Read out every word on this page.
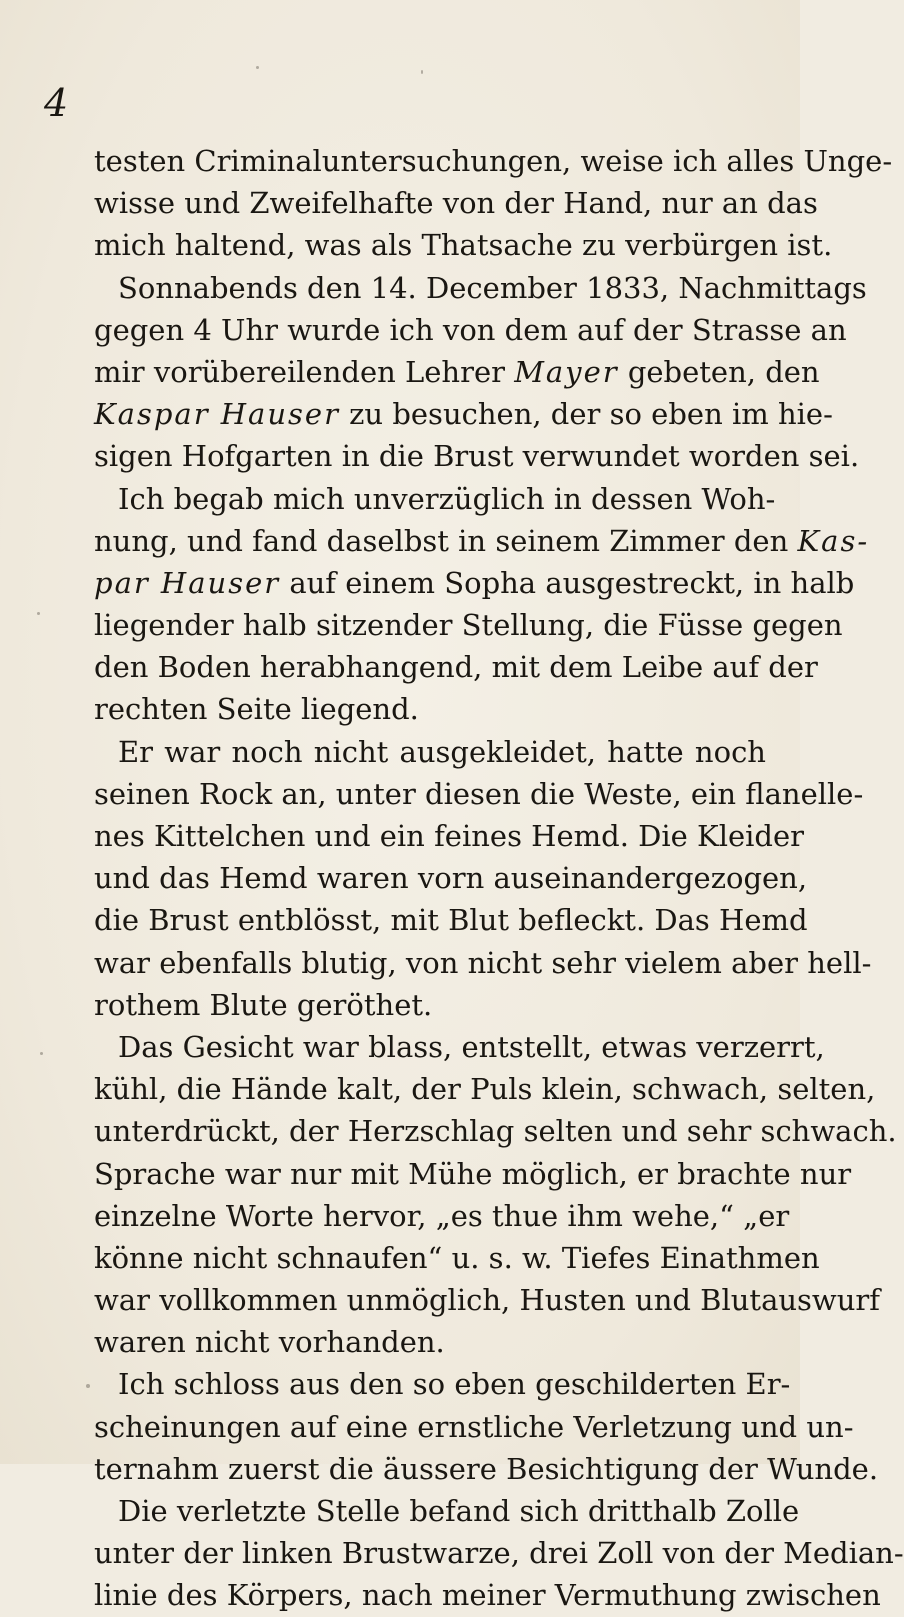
4
testen Criminaluntersuchungen, weise ich alles Unge-
wisse und Zweifelhafte von der Hand, nur an das
mich haltend, was als Thatsache zu verbürgen ist.
Sonnabends den 14. December 1833, Nachmittags
gegen 4 Uhr wurde ich von dem auf der Strasse an
mir vorübereilenden Lehrer Mayer gebeten, den
Kaspar Hauser zu besuchen, der so eben im hie-
sigen Hofgarten in die Brust verwundet worden sei.
Ich begab mich unverzüglich in dessen Woh-
nung, und fand daselbst in seinem Zimmer den Kas-
par Hauser auf einem Sopha ausgestreckt, in halb
liegender halb sitzender Stellung, die Füsse gegen
den Boden herabhangend, mit dem Leibe auf der
rechten Seite liegend.
Er war noch nicht ausgekleidet, hatte noch
seinen Rock an, unter diesen die Weste, ein flanelle-
nes Kittelchen und ein feines Hemd. Die Kleider
und das Hemd waren vorn auseinandergezogen,
die Brust entblösst, mit Blut befleckt. Das Hemd
war ebenfalls blutig, von nicht sehr vielem aber hell-
rothem Blute geröthet.
Das Gesicht war blass, entstellt, etwas verzerrt,
kühl, die Hände kalt, der Puls klein, schwach, selten,
unterdrückt, der Herzschlag selten und sehr schwach.
Sprache war nur mit Mühe möglich, er brachte nur
einzelne Worte hervor, „es thue ihm wehe,“ „er
könne nicht schnaufen“ u. s. w. Tiefes Einathmen
war vollkommen unmöglich, Husten und Blutauswurf
waren nicht vorhanden.
Ich schloss aus den so eben geschilderten Er-
scheinungen auf eine ernstliche Verletzung und un-
ternahm zuerst die äussere Besichtigung der Wunde.
Die verletzte Stelle befand sich dritthalb Zolle
unter der linken Brustwarze, drei Zoll von der Median-
linie des Körpers, nach meiner Vermuthung zwischen
